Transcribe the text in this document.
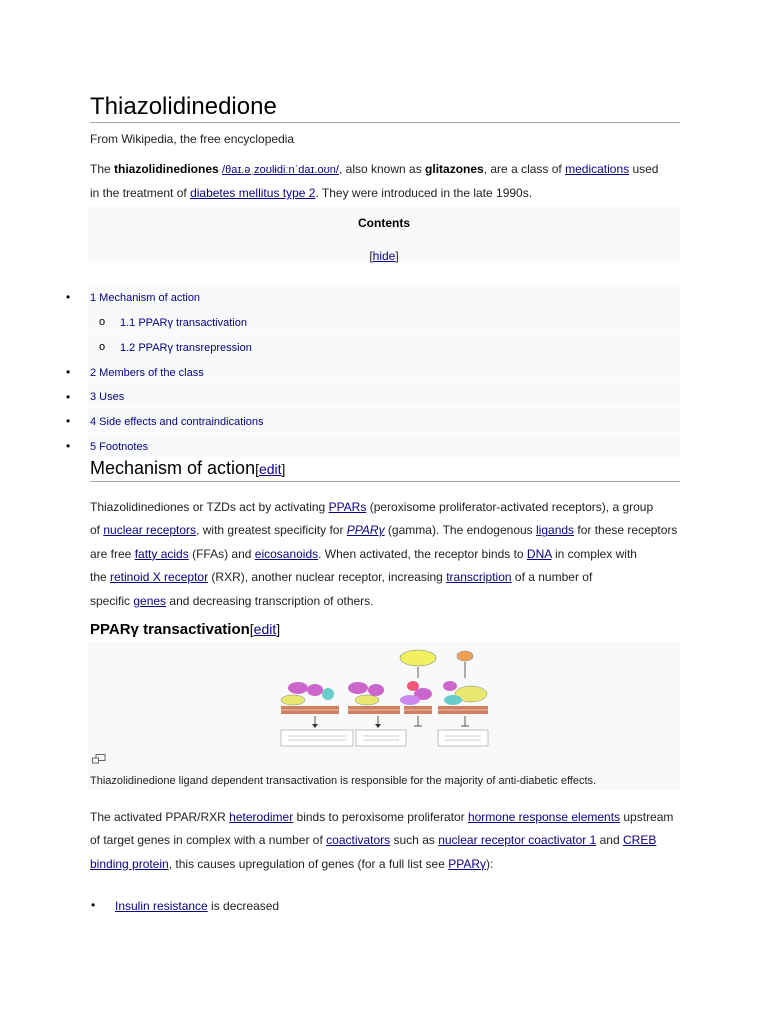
Thiazolidinedione
From Wikipedia, the free encyclopedia
The thiazolidinediones /θaɪ.əˌzoʊlɨdiːnˈdaɪ.oʊn/, also known as glitazones, are a class of medications used
in the treatment of diabetes mellitus type 2. They were introduced in the late 1990s.
Contents
[hide]
• 1 Mechanism of action
o 1.1 PPARγ transactivation
o 1.2 PPARγ transrepression
• 2 Members of the class
• 3 Uses
• 4 Side effects and contraindications
• 5 Footnotes
Mechanism of action[edit]
Thiazolidinediones or TZDs act by activating PPARs (peroxisome proliferator-activated receptors), a group
of nuclear receptors, with greatest specificity for PPARγ (gamma). The endogenous ligands for these receptors
are free fatty acids (FFAs) and eicosanoids. When activated, the receptor binds to DNA in complex with
the retinoid X receptor (RXR), another nuclear receptor, increasing transcription of a number of
specific genes and decreasing transcription of others.
PPARγ transactivation[edit]
Thiazolidinedione ligand dependent transactivation is responsible for the majority of anti-diabetic effects.
The activated PPAR/RXR heterodimer binds to peroxisome proliferator hormone response elements upstream
of target genes in complex with a number of coactivators such as nuclear receptor coactivator 1 and CREB
binding protein, this causes upregulation of genes (for a full list see PPARγ):
• Insulin resistance is decreased
